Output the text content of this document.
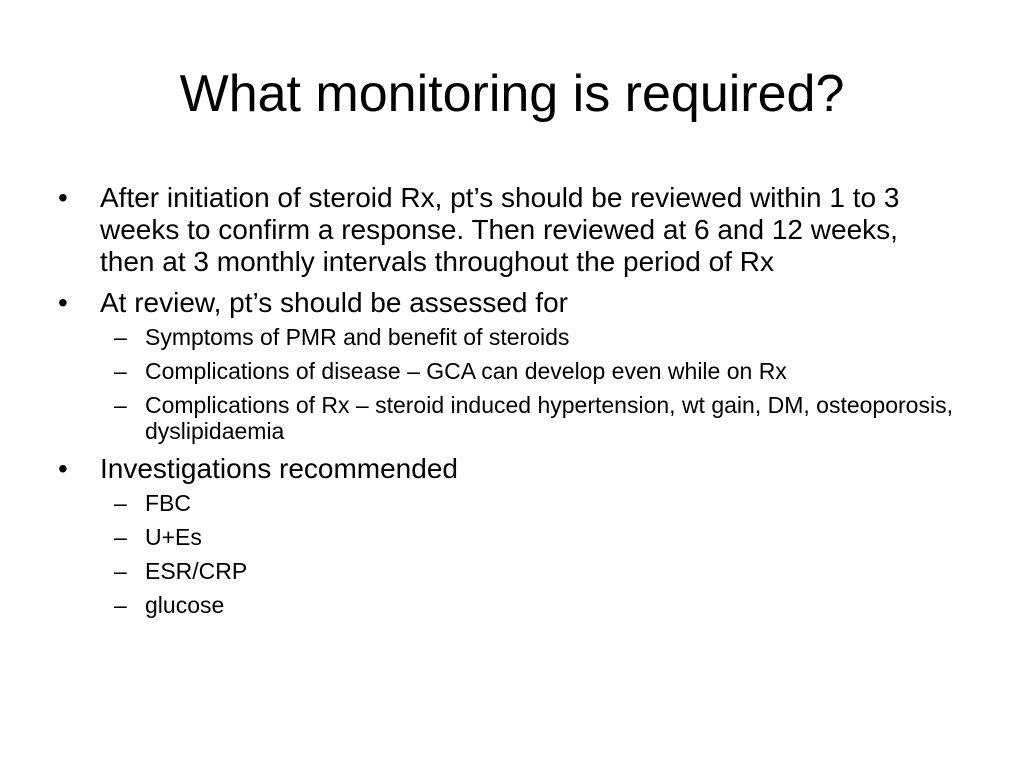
What monitoring is required?
•	After initiation of steroid Rx, pt’s should be reviewed within 1 to 3 weeks to confirm a response. Then reviewed at 6 and 12 weeks, then at 3 monthly intervals throughout the period of Rx
•	At review, pt’s should be assessed for
– Symptoms of PMR and benefit of steroids
– Complications of disease – GCA can develop even while on Rx
– Complications of Rx – steroid induced hypertension, wt gain, DM, osteoporosis, dyslipidaemia
•	Investigations recommended
– FBC
– U+Es
– ESR/CRP
– glucose
